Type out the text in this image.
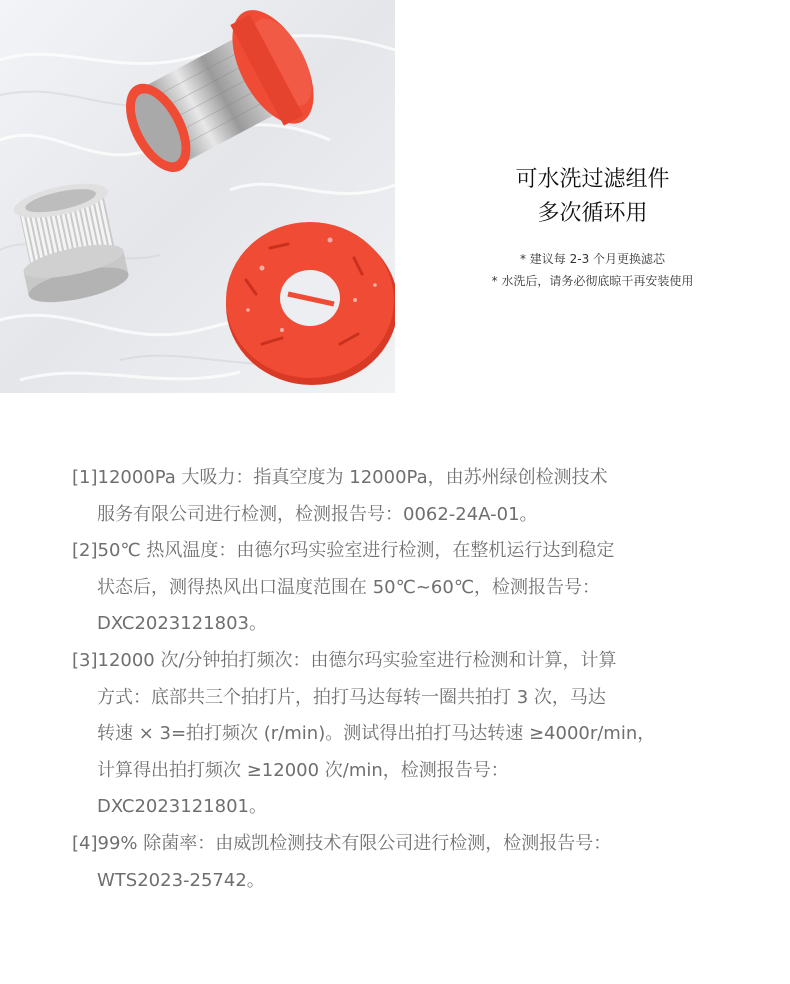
可水洗过滤组件
多次循环用
* 建议每 2-3 个月更换滤芯
* 水洗后，请务必彻底晾干再安装使用

[1]12000Pa 大吸力：指真空度为 12000Pa，由苏州绿创检测技术
服务有限公司进行检测，检测报告号：0062-24A-01。

[2]50℃ 热风温度：由德尔玛实验室进行检测，在整机运行达到稳定
状态后，测得热风出口温度范围在 50℃~60℃，检测报告号：
DXC2023121803。

[3]12000 次/分钟拍打频次：由德尔玛实验室进行检测和计算，计算
方式：底部共三个拍打片，拍打马达每转一圈共拍打 3 次，马达
转速 × 3=拍打频次 (r/min)。测试得出拍打马达转速 ≥4000r/min，
计算得出拍打频次 ≥12000 次/min，检测报告号：
DXC2023121801。

[4]99% 除菌率：由威凯检测技术有限公司进行检测，检测报告号：
WTS2023-25742。
